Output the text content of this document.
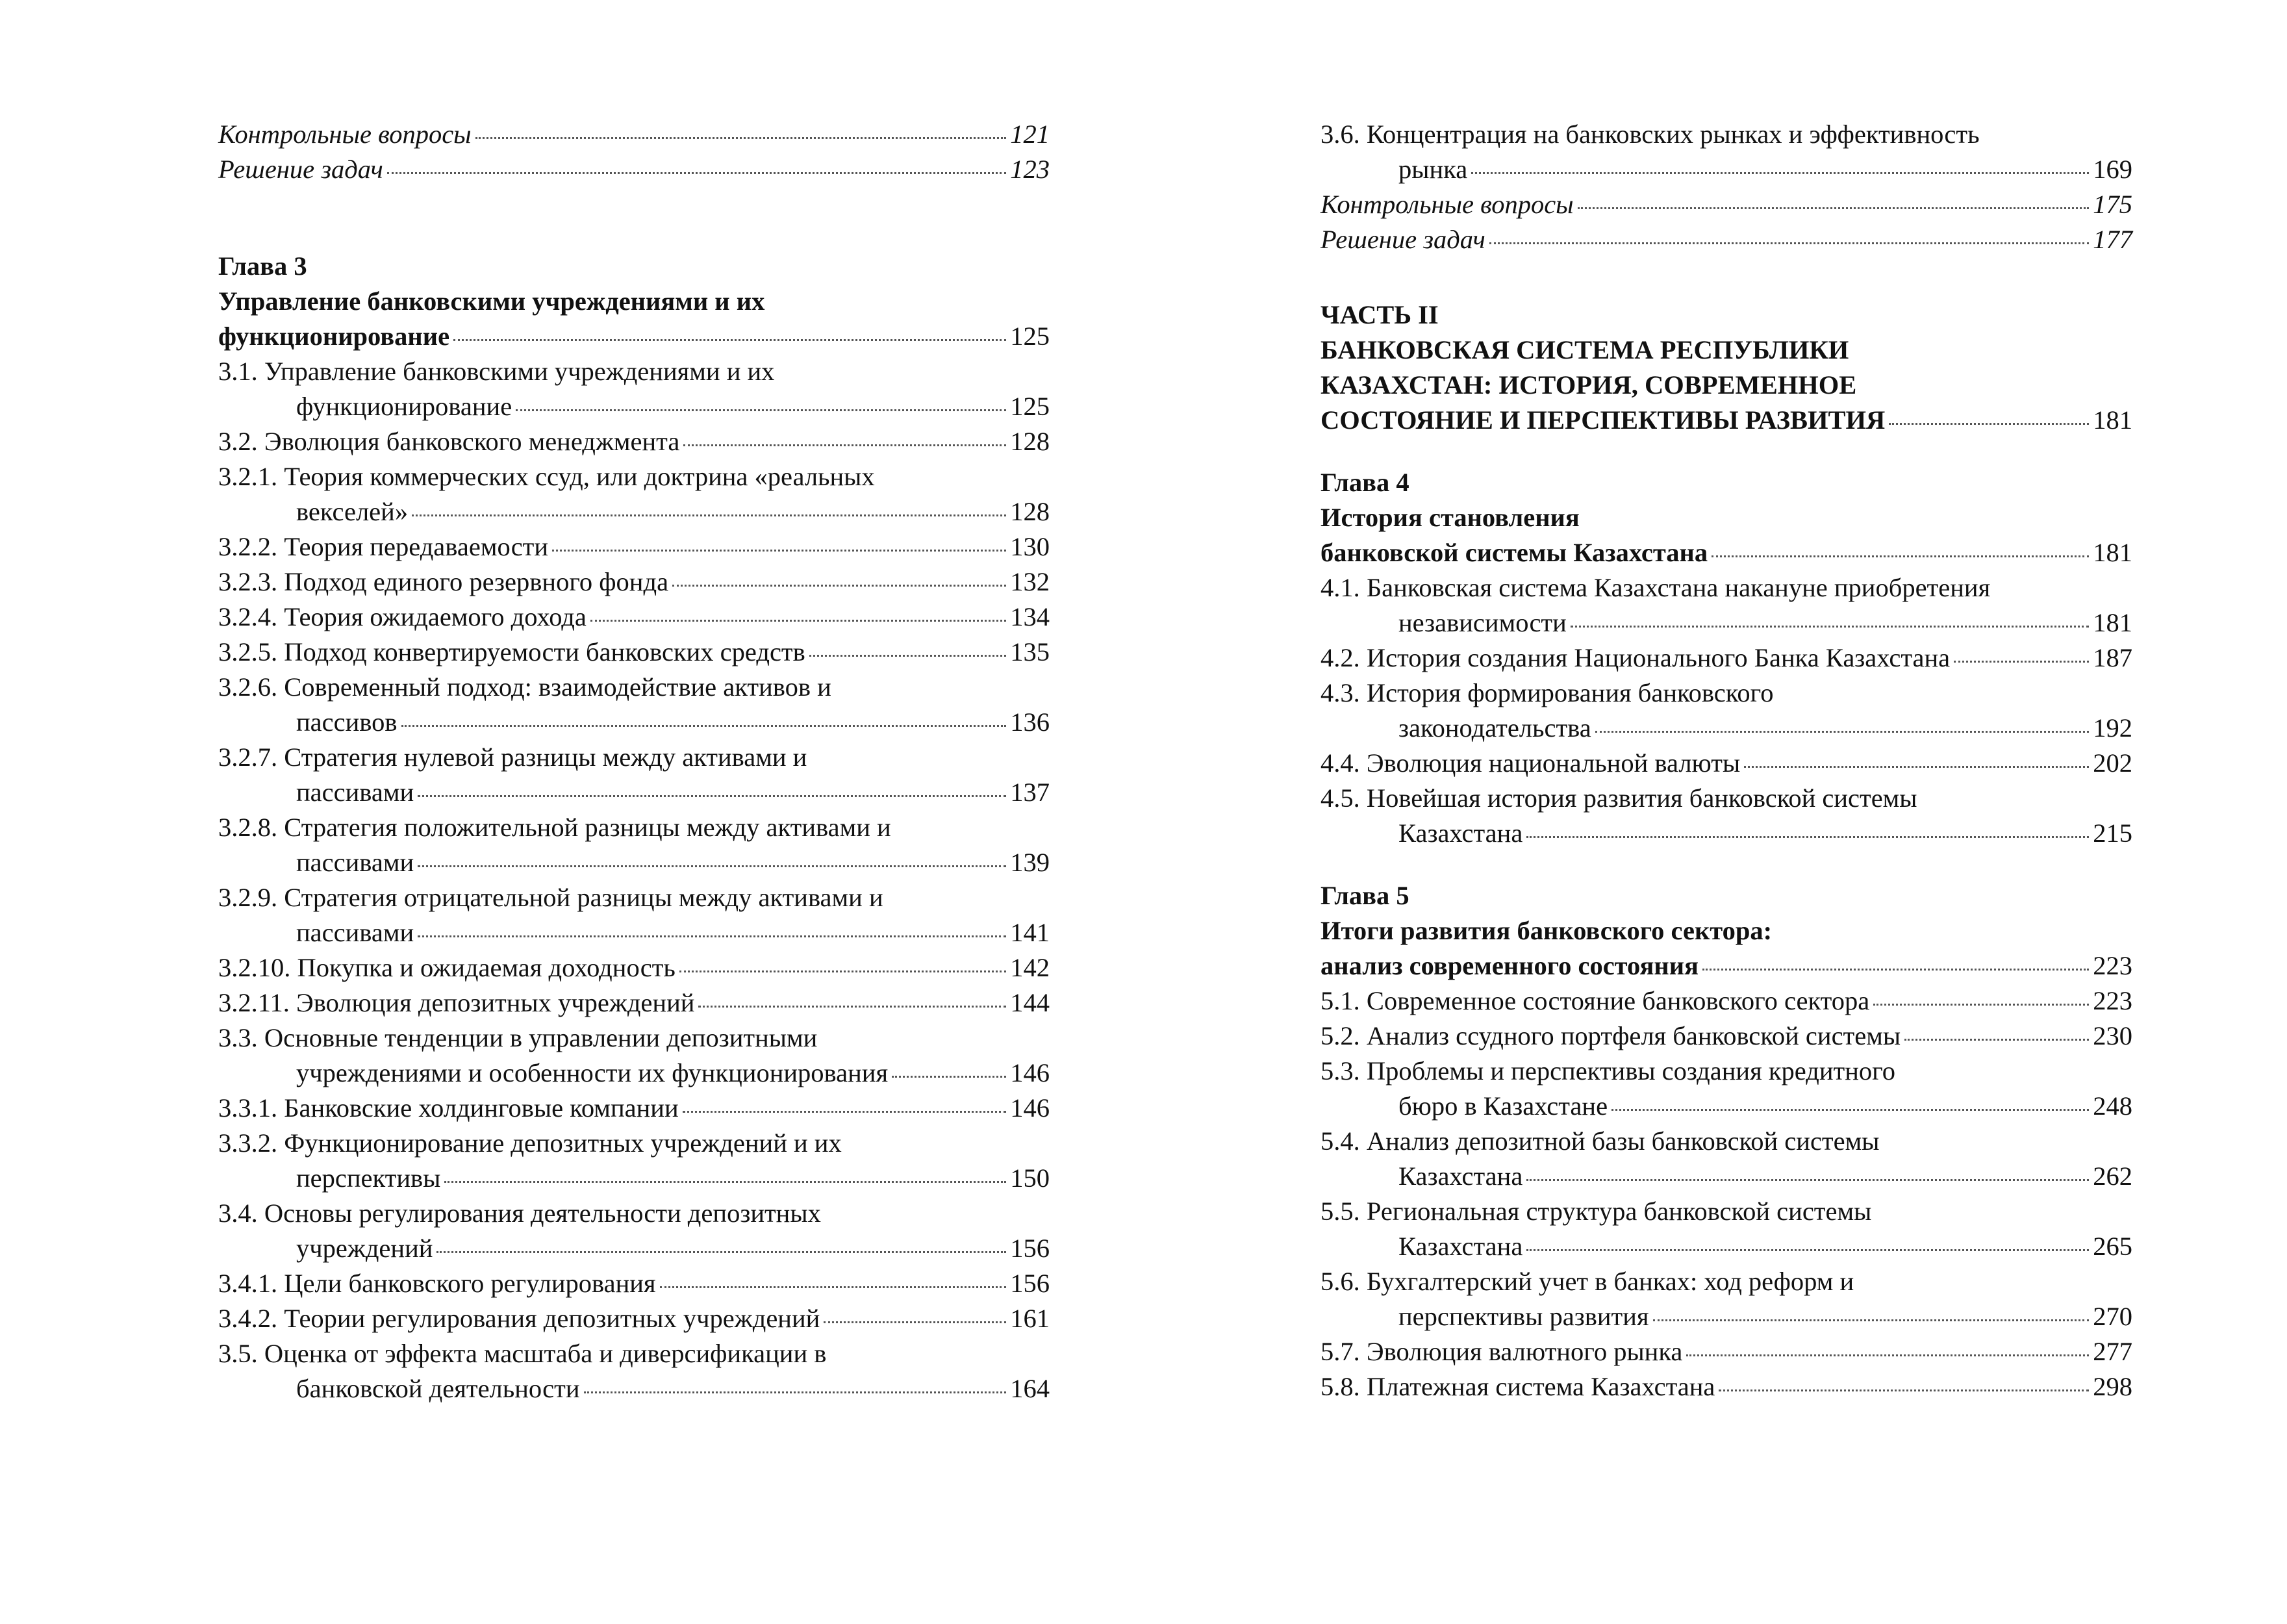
Контрольные вопросы	121
Решение задач	123
Глава 3
Управление банковскими учреждениями и их
функционирование	125
3.1. Управление банковскими учреждениями и их
функционирование	125
3.2. Эволюция банковского менеджмента	128
3.2.1. Теория коммерческих ссуд, или доктрина «реальных
векселей»	128
3.2.2. Теория передаваемости	130
3.2.3. Подход единого резервного фонда	132
3.2.4. Теория ожидаемого дохода	134
3.2.5. Подход конвертируемости банковских средств	135
3.2.6. Современный подход: взаимодействие активов и
пассивов	136
3.2.7. Стратегия нулевой разницы между активами и
пассивами	137
3.2.8. Стратегия положительной разницы между активами и
пассивами	139
3.2.9. Стратегия отрицательной разницы между активами и
пассивами	141
3.2.10. Покупка и ожидаемая доходность	142
3.2.11. Эволюция депозитных учреждений	144
3.3. Основные тенденции в управлении депозитными
учреждениями и особенности их функционирования	146
3.3.1. Банковские холдинговые компании	146
3.3.2. Функционирование депозитных учреждений и их
перспективы	150
3.4. Основы регулирования деятельности депозитных
учреждений	156
3.4.1. Цели банковского регулирования	156
3.4.2. Теории регулирования депозитных учреждений	161
3.5. Оценка от эффекта масштаба и диверсификации в
банковской деятельности	164
3.6. Концентрация на банковских рынках и эффективность
рынка	169
Контрольные вопросы	175
Решение задач	177
ЧАСТЬ II
БАНКОВСКАЯ СИСТЕМА РЕСПУБЛИКИ
КАЗАХСТАН: ИСТОРИЯ, СОВРЕМЕННОЕ
СОСТОЯНИЕ И ПЕРСПЕКТИВЫ РАЗВИТИЯ	181
Глава 4
История становления
банковской системы Казахстана	181
4.1. Банковская система Казахстана накануне приобретения
независимости	181
4.2. История создания Национального Банка Казахстана	187
4.3. История формирования банковского
законодательства	192
4.4. Эволюция национальной валюты	202
4.5. Новейшая история развития банковской системы
Казахстана	215
Глава 5
Итоги развития банковского сектора:
анализ современного состояния	223
5.1. Современное состояние банковского сектора	223
5.2. Анализ ссудного портфеля банковской системы	230
5.3. Проблемы и перспективы создания кредитного
бюро в Казахстане	248
5.4. Анализ депозитной базы банковской системы
Казахстана	262
5.5. Региональная структура банковской системы
Казахстана	265
5.6. Бухгалтерский учет в банках: ход реформ и
перспективы развития	270
5.7. Эволюция валютного рынка	277
5.8. Платежная система Казахстана	298
